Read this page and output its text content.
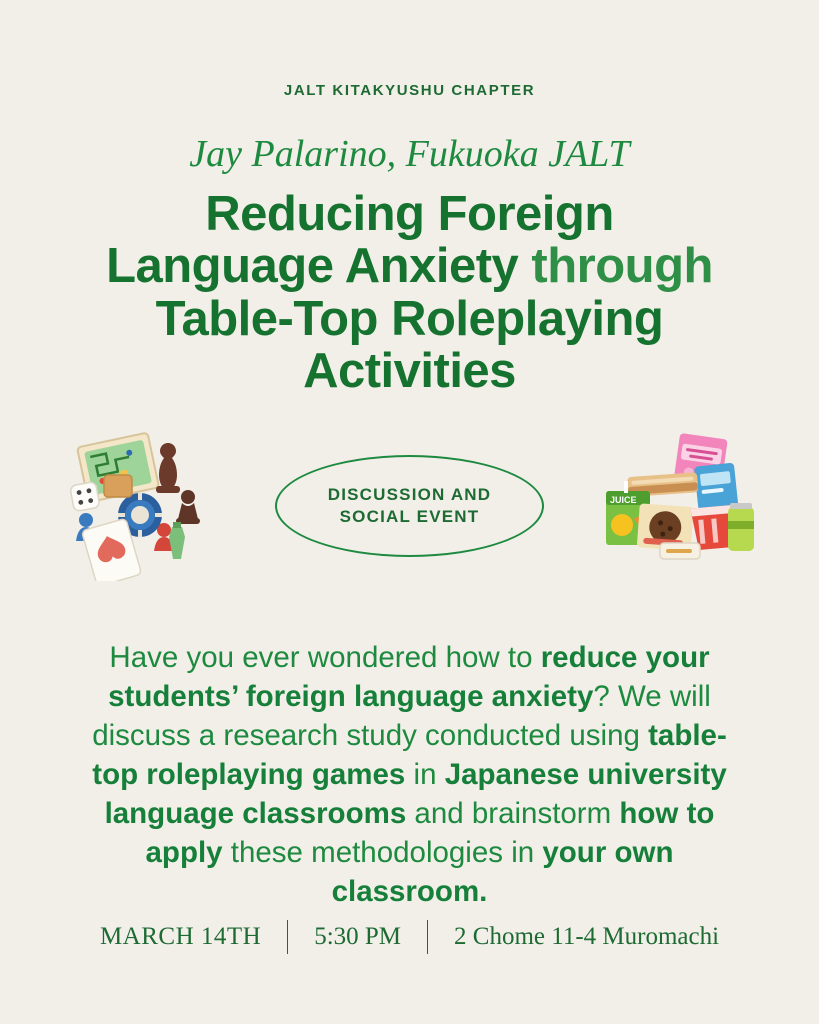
JALT KITAKYUSHU CHAPTER
Jay Palarino, Fukuoka JALT
Reducing Foreign
Language Anxiety through
Table-Top Roleplaying
Activities
DISCUSSION AND
SOCIAL EVENT
JUICE
Have you ever wondered how to reduce your students’ foreign language anxiety? We will discuss a research study conducted using table-top roleplaying games in Japanese university language classrooms and brainstorm how to apply these methodologies in your own classroom.
MARCH 14TH 5:30 PM 2 Chome 11-4 Muromachi
